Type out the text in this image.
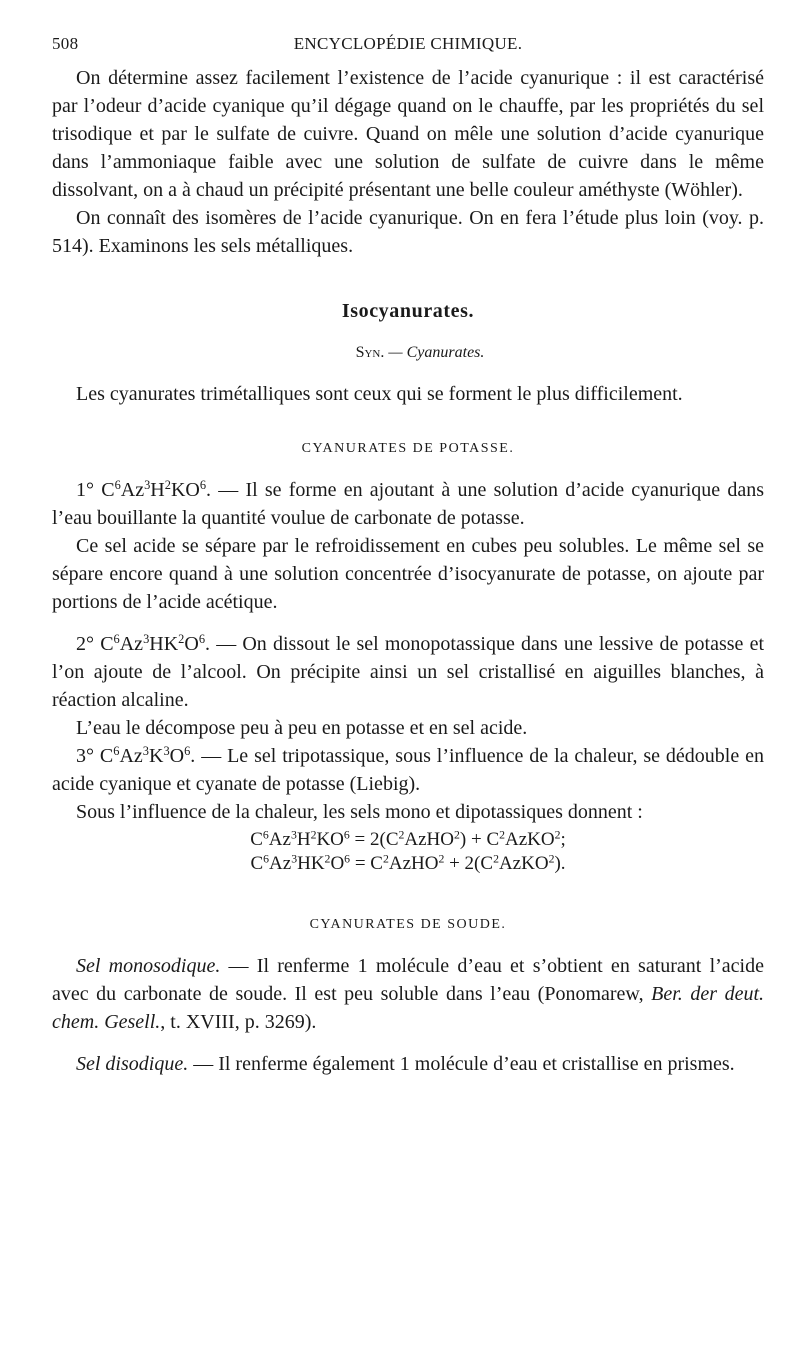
508	ENCYCLOPÉDIE CHIMIQUE.

On détermine assez facilement l’existence de l’acide cyanurique : il est caractérisé par l’odeur d’acide cyanique qu’il dégage quand on le chauffe, par les propriétés du sel trisodique et par le sulfate de cuivre. Quand on mêle une solution d’acide cyanurique dans l’ammoniaque faible avec une solution de sulfate de cuivre dans le même dissolvant, on a à chaud un précipité présentant une belle couleur améthyste (Wöhler).

On connaît des isomères de l’acide cyanurique. On en fera l’étude plus loin (voy. p. 514). Examinons les sels métalliques.

Isocyanurates.

Syn. — Cyanurates.

Les cyanurates trimétalliques sont ceux qui se forment le plus difficilement.

CYANURATES DE POTASSE.

1° $C^6Az^3H^2KO^6$. — Il se forme en ajoutant à une solution d’acide cyanurique dans l’eau bouillante la quantité voulue de carbonate de potasse.

Ce sel acide se sépare par le refroidissement en cubes peu solubles. Le même sel se sépare encore quand à une solution concentrée d’isocyanurate de potasse, on ajoute par portions de l’acide acétique.

2° $C^6Az^3HK^2O^6$. — On dissout le sel monopotassique dans une lessive de potasse et l’on ajoute de l’alcool. On précipite ainsi un sel cristallisé en aiguilles blanches, à réaction alcaline.

L’eau le décompose peu à peu en potasse et en sel acide.

3° $C^6Az^3K^3O^6$. — Le sel tripotassique, sous l’influence de la chaleur, se dédouble en acide cyanique et cyanate de potasse (Liebig).

Sous l’influence de la chaleur, les sels mono et dipotassiques donnent :

$C^6Az^3H^2KO^6$ = $2(C^2AzHO^2)$ + $C^2AzKO^2$;
$C^6Az^3HK^2O^6$ = $C^2AzHO^2$ + $2(C^2AzKO^2)$.
CYANURATES DE SOUDE.

Sel monosodique. — Il renferme 1 molécule d’eau et s’obtient en saturant l’acide avec du carbonate de soude. Il est peu soluble dans l’eau (Ponomarew, Ber. der deut. chem. Gesell., t. XVIII, p. 3269).

Sel disodique. — Il renferme également 1 molécule d’eau et cristallise en prismes.
